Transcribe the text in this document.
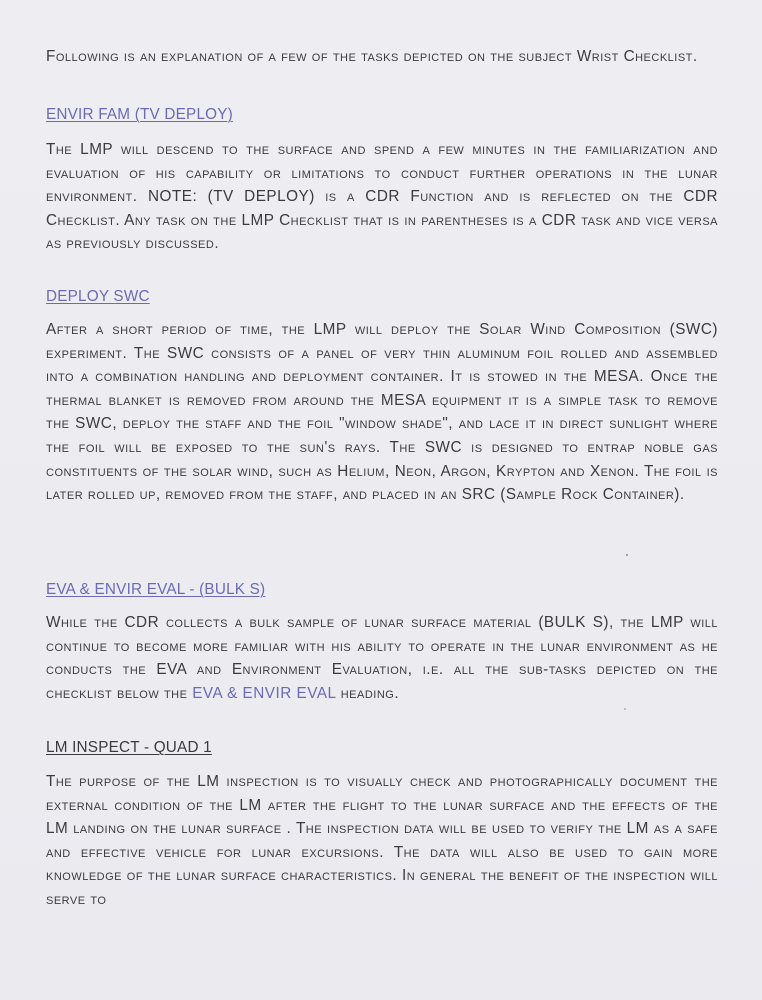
Following is an explanation of a few of the tasks depicted on the subject Wrist Checklist.

ENVIR FAM (TV DEPLOY)

The LMP will descend to the surface and spend a few minutes in the familiarization and evaluation of his capability or limitations to conduct further operations in the lunar environment. NOTE: (TV DEPLOY) is a CDR Function and is reflected on the CDR Checklist. Any task on the LMP Checklist that is in parentheses is a CDR task and vice versa as previously discussed.

DEPLOY SWC

After a short period of time, the LMP will deploy the Solar Wind Composition (SWC) experiment. The SWC consists of a panel of very thin aluminum foil rolled and assembled into a combination handling and deployment container. It is stowed in the MESA. Once the thermal blanket is removed from around the MESA equipment it is a simple task to remove the SWC, deploy the staff and the foil "window shade", and lace it in direct sunlight where the foil will be exposed to the sun's rays. The SWC is designed to entrap noble gas constituents of the solar wind, such as Helium, Neon, Argon, Krypton and Xenon. The foil is later rolled up, removed from the staff, and placed in an SRC (Sample Rock Container).

EVA & ENVIR EVAL - (BULK S)

While the CDR collects a bulk sample of lunar surface material (BULK S), the LMP will continue to become more familiar with his ability to operate in the lunar environment as he conducts the EVA and Environment Evaluation, i.e. all the sub-tasks depicted on the checklist below the EVA & ENVIR EVAL heading.

LM INSPECT - QUAD 1

The purpose of the LM inspection is to visually check and photographically document the external condition of the LM after the flight to the lunar surface and the effects of the LM landing on the lunar surface . The inspection data will be used to verify the LM as a safe and effective vehicle for lunar excursions. The data will also be used to gain more knowledge of the lunar surface characteristics. In general the benefit of the inspection will serve to
